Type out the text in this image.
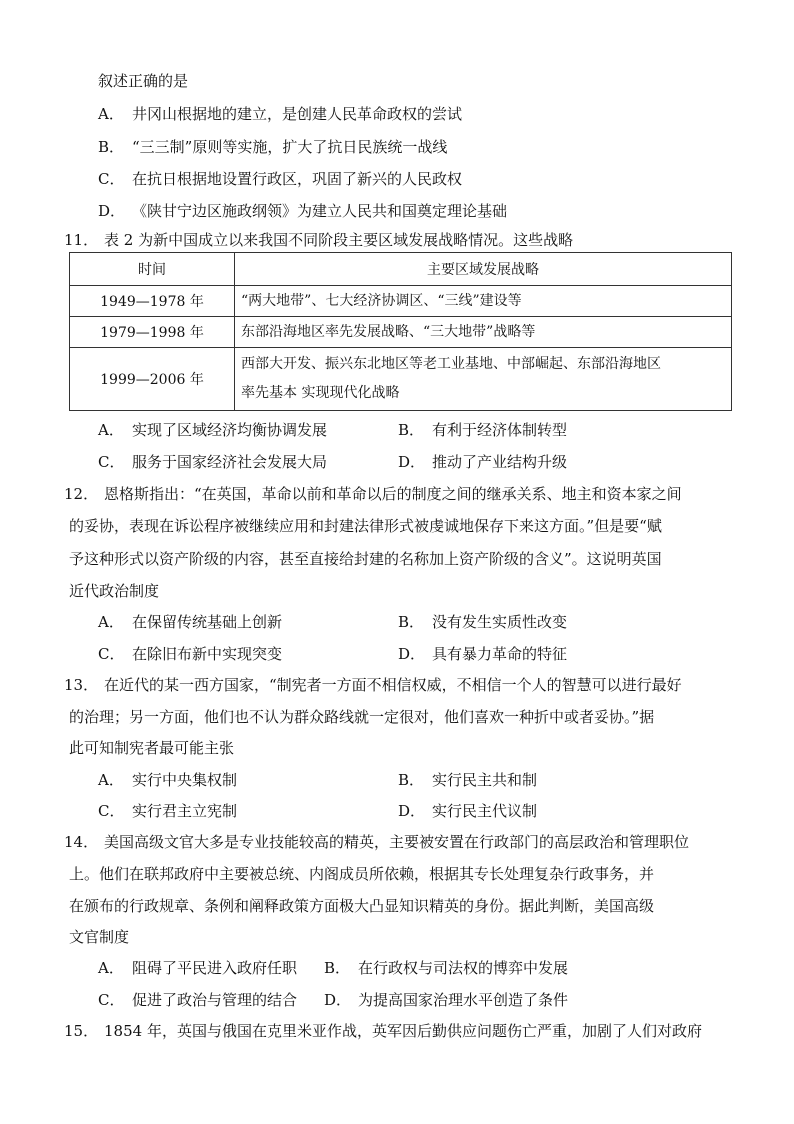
叙述正确的是
A． 井冈山根据地的建立，是创建人民革命政权的尝试
B． “三三制”原则等实施，扩大了抗日民族统一战线
C． 在抗日根据地设置行政区，巩固了新兴的人民政权
D． 《陕甘宁边区施政纲领》为建立人民共和国奠定理论基础
11． 表 2 为新中国成立以来我国不同阶段主要区域发展战略情况。这些战略
时间	主要区域发展战略
1949—1978 年	“两大地带”、七大经济协调区、“三线”建设等
1979—1998 年	东部沿海地区率先发展战略、“三大地带”战略等
1999—2006 年	西部大开发、振兴东北地区等老工业基地、中部崛起、东部沿海地区
率先基本 实现现代化战略
A． 实现了区域经济均衡协调发展	B． 有利于经济体制转型
C． 服务于国家经济社会发展大局	D． 推动了产业结构升级
12． 恩格斯指出：“在英国，革命以前和革命以后的制度之间的继承关系、地主和资本家之间
的妥协，表现在诉讼程序被继续应用和封建法律形式被虔诚地保存下来这方面。”但是要“赋
予这种形式以资产阶级的内容，甚至直接给封建的名称加上资产阶级的含义”。这说明英国
近代政治制度
A． 在保留传统基础上创新	B． 没有发生实质性改变
C． 在除旧布新中实现突变	D． 具有暴力革命的特征
13． 在近代的某一西方国家，“制宪者一方面不相信权威，不相信一个人的智慧可以进行最好
的治理；另一方面，他们也不认为群众路线就一定很对，他们喜欢一种折中或者妥协。”据
此可知制宪者最可能主张
A． 实行中央集权制	B． 实行民主共和制
C． 实行君主立宪制	D． 实行民主代议制
14． 美国高级文官大多是专业技能较高的精英，主要被安置在行政部门的高层政治和管理职位
上。他们在联邦政府中主要被总统、内阁成员所依赖，根据其专长处理复杂行政事务，并
在颁布的行政规章、条例和阐释政策方面极大凸显知识精英的身份。据此判断，美国高级
文官制度
A． 阻碍了平民进入政府任职 B． 在行政权与司法权的博弈中发展
C． 促进了政治与管理的结合 D． 为提高国家治理水平创造了条件
15． 1854 年，英国与俄国在克里米亚作战，英军因后勤供应问题伤亡严重，加剧了人们对政府
